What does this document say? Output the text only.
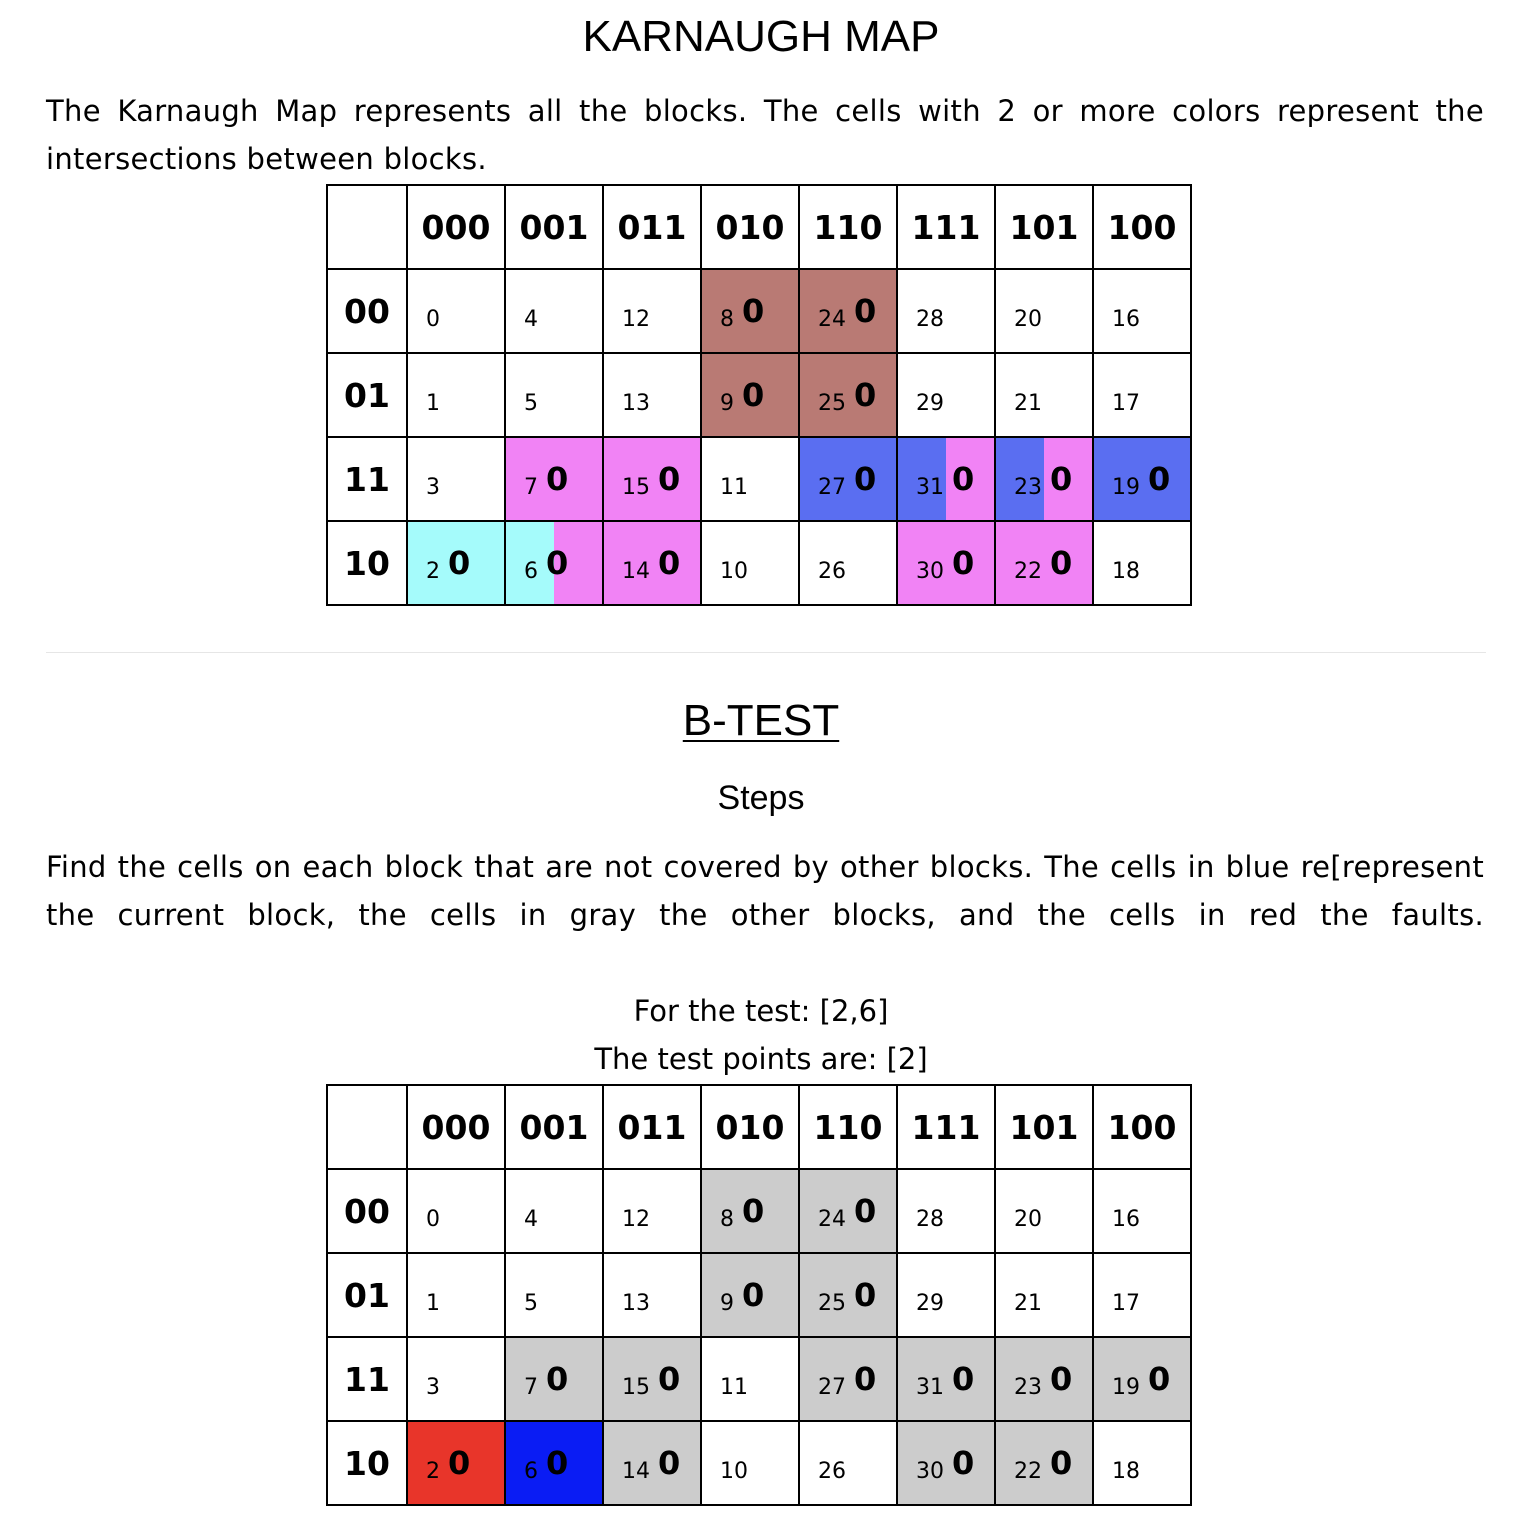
KARNAUGH MAP

The Karnaugh Map represents all the blocks. The cells with 2 or more colors represent the intersections between blocks.

	000	001	011	010	110	111	101	100
00	0	4	12	8 0	24 0	28	20	16

01	1	5	13	9 0	25 0	29	21	17

11	3	7 0	15 0	11	27 0	31 0	23 0	19 0

10	2 0	6 0	14 0	10	26	30 0	22 0	18
B-TEST
Steps

Find the cells on each block that are not covered by other blocks. The cells in blue re[represent the current block, the cells in gray the other blocks, and the cells in red the faults.

For the test: [2,6]
The test points are: [2]
	000	001	011	010	110	111	101	100
00	0	4	12	8 0	24 0	28	20	16

01	1	5	13	9 0	25 0	29	21	17

11	3	7 0	15 0	11	27 0	31 0	23 0	19 0

10	2 0	6 0	14 0	10	26	30 0	22 0	18
